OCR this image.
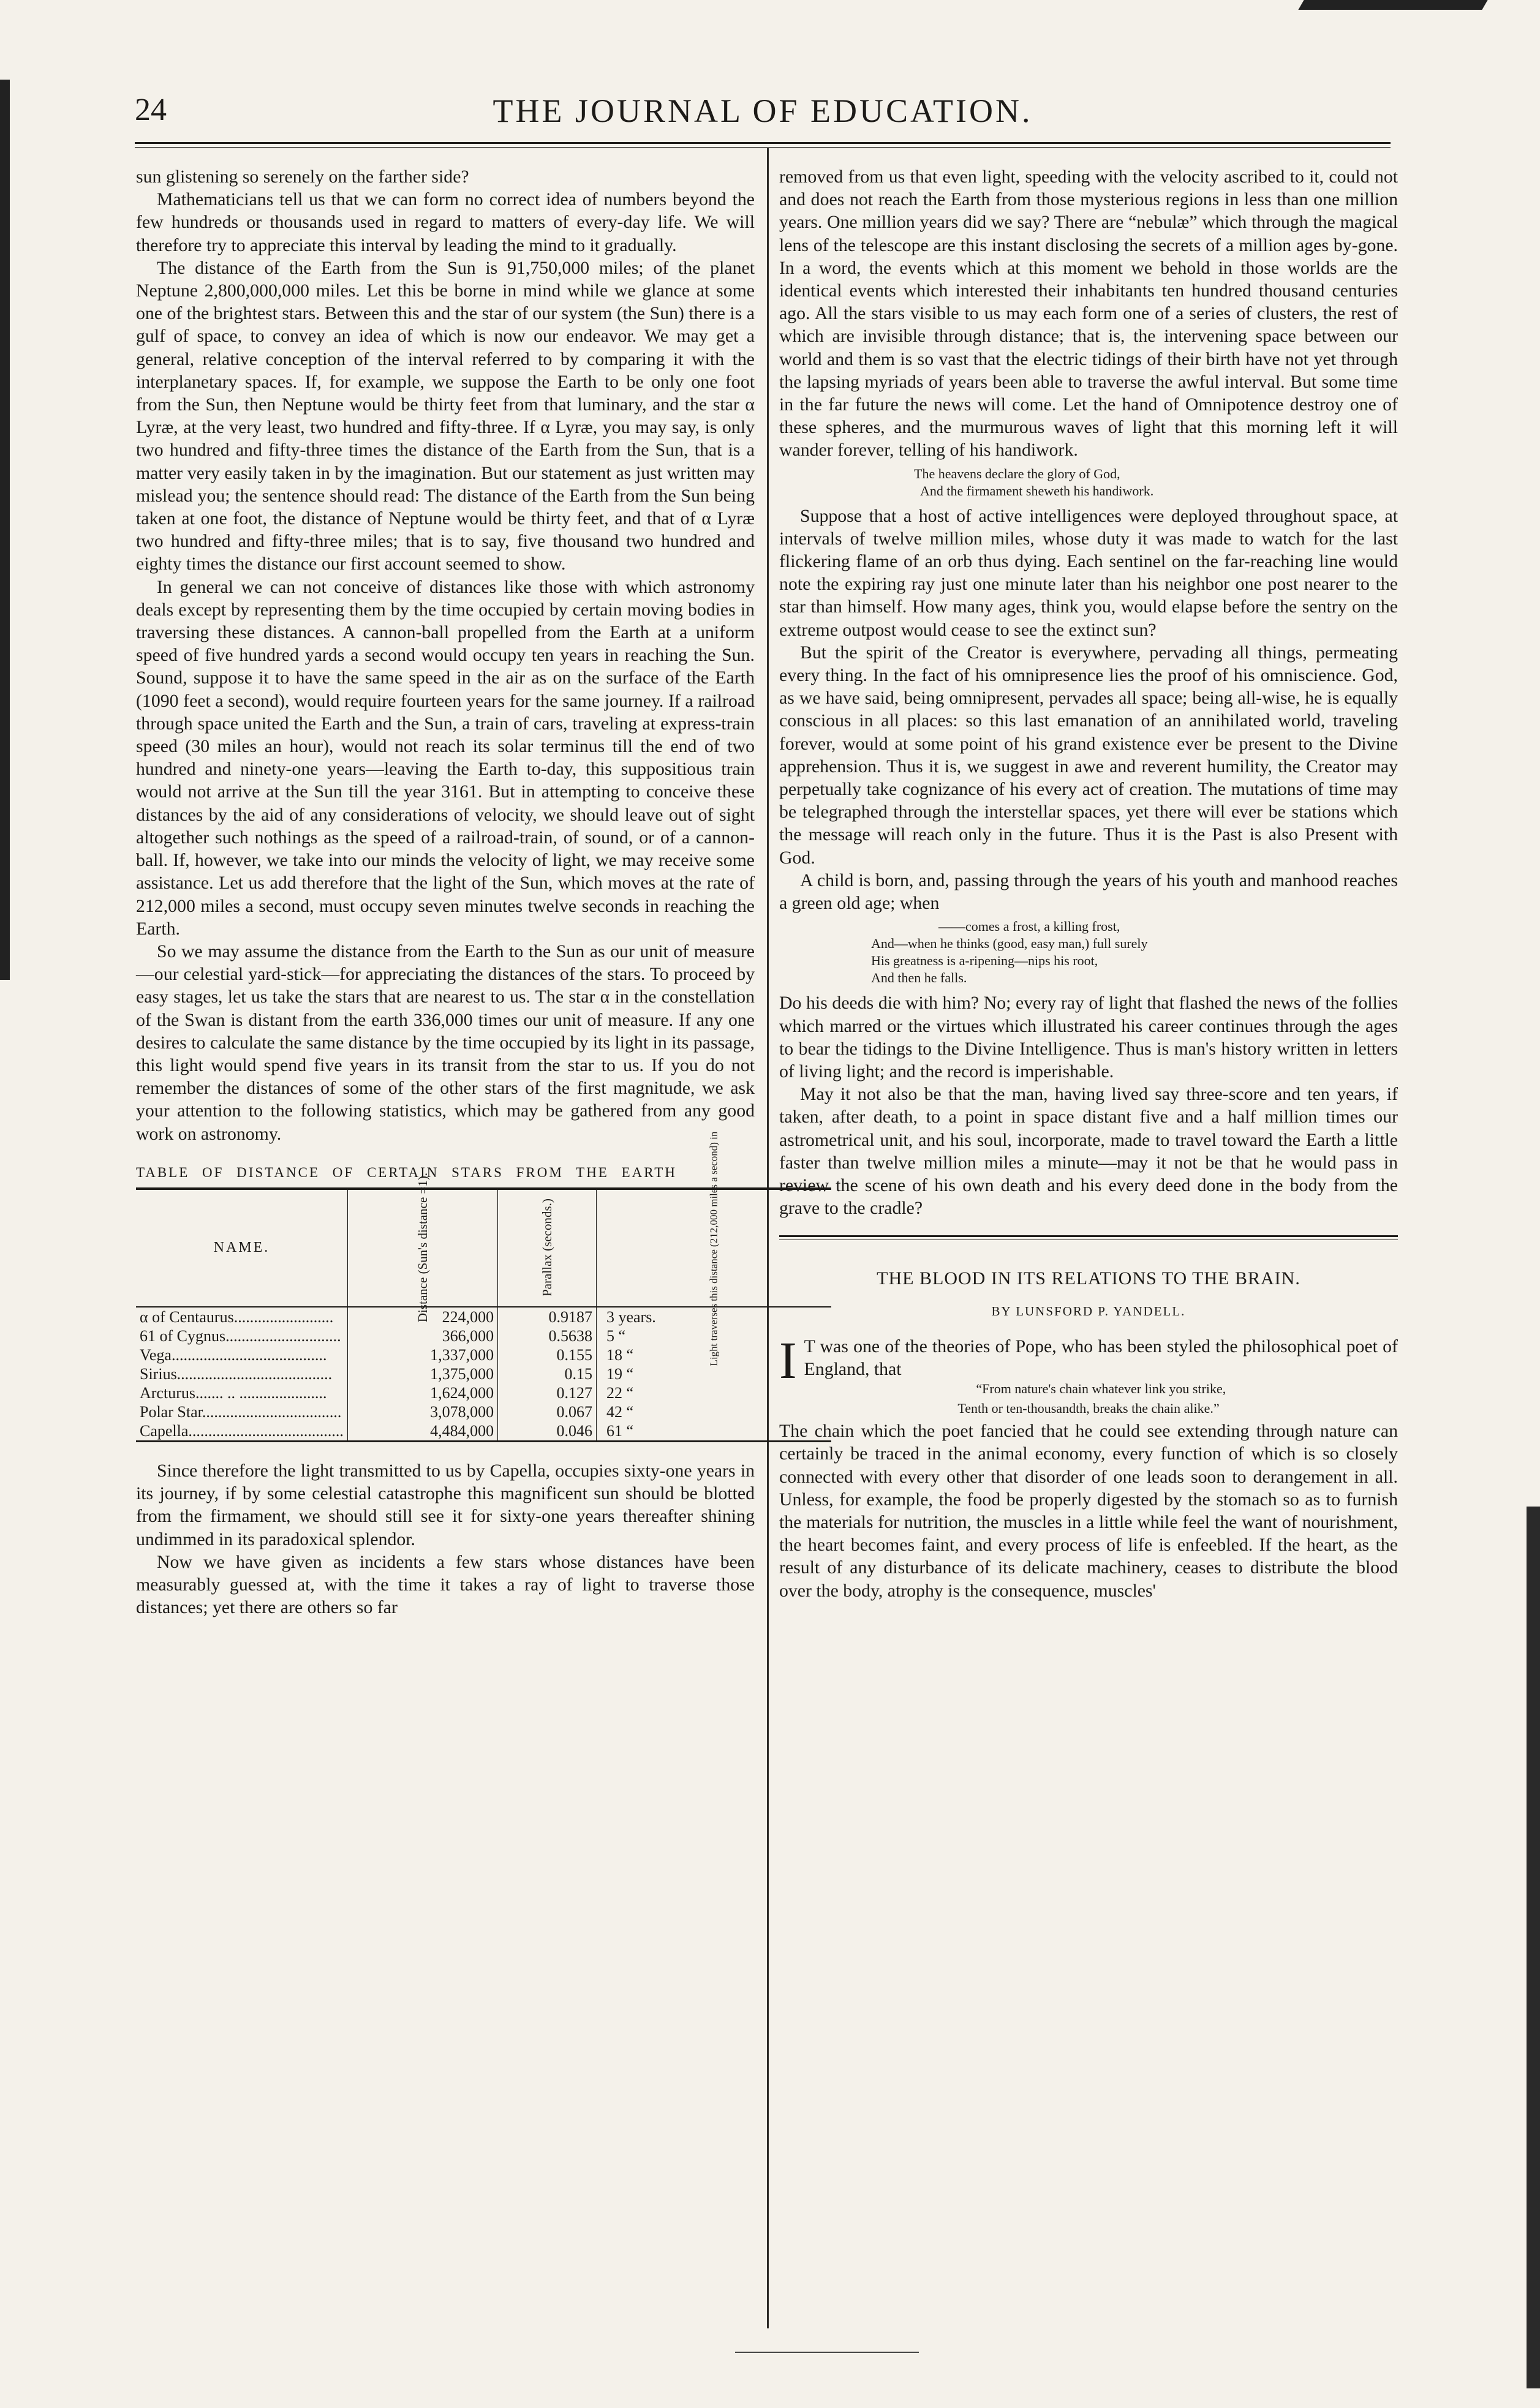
24	THE JOURNAL OF EDUCATION.

sun glistening so serenely on the farther side?

Mathematicians tell us that we can form no correct idea of numbers beyond the few hundreds or thousands used in regard to matters of every-day life. We will therefore try to appreciate this interval by leading the mind to it gradually.

The distance of the Earth from the Sun is 91,750,000 miles; of the planet Neptune 2,800,000,000 miles. Let this be borne in mind while we glance at some one of the brightest stars. Between this and the star of our system (the Sun) there is a gulf of space, to convey an idea of which is now our endeavor. We may get a general, relative conception of the interval referred to by comparing it with the interplanetary spaces. If, for example, we suppose the Earth to be only one foot from the Sun, then Neptune would be thirty feet from that luminary, and the star α Lyræ, at the very least, two hundred and fifty-three. If α Lyræ, you may say, is only two hundred and fifty-three times the distance of the Earth from the Sun, that is a matter very easily taken in by the imagination. But our statement as just written may mislead you; the sentence should read: The distance of the Earth from the Sun being taken at one foot, the distance of Neptune would be thirty feet, and that of α Lyræ two hundred and fifty-three miles; that is to say, five thousand two hundred and eighty times the distance our first account seemed to show.

In general we can not conceive of distances like those with which astronomy deals except by representing them by the time occupied by certain moving bodies in traversing these distances. A cannon-ball propelled from the Earth at a uniform speed of five hundred yards a second would occupy ten years in reaching the Sun. Sound, suppose it to have the same speed in the air as on the surface of the Earth (1090 feet a second), would require fourteen years for the same journey. If a railroad through space united the Earth and the Sun, a train of cars, traveling at express-train speed (30 miles an hour), would not reach its solar terminus till the end of two hundred and ninety-one years—leaving the Earth to-day, this suppositious train would not arrive at the Sun till the year 3161. But in attempting to conceive these distances by the aid of any considerations of velocity, we should leave out of sight altogether such nothings as the speed of a railroad-train, of sound, or of a cannon-ball. If, however, we take into our minds the velocity of light, we may receive some assistance. Let us add therefore that the light of the Sun, which moves at the rate of 212,000 miles a second, must occupy seven minutes twelve seconds in reaching the Earth.

So we may assume the distance from the Earth to the Sun as our unit of measure—our celestial yard-stick—for appreciating the distances of the stars. To proceed by easy stages, let us take the stars that are nearest to us. The star α in the constellation of the Swan is distant from the earth 336,000 times our unit of measure. If any one desires to calculate the same distance by the time occupied by its light in its passage, this light would spend five years in its transit from the star to us. If you do not remember the distances of some of the other stars of the first magnitude, we ask your attention to the following statistics, which may be gathered from any good work on astronomy.

TABLE OF DISTANCE OF CERTAIN STARS FROM THE EARTH
NAME.	Distance (Sun's distance =1).	Parallax (seconds.)	Light traverses this distance (212,000 miles a second) in
α of Centaurus.........................	224,000	0.9187	3 years.
61 of Cygnus.............................	366,000	0.5638	5 “
Vega.......................................	1,337,000	0.155	18 “
Sirius.......................................	1,375,000	0.15	19 “
Arcturus....... .. ......................	1,624,000	0.127	22 “
Polar Star...................................	3,078,000	0.067	42 “
Capella.......................................	4,484,000	0.046	61 “

Since therefore the light transmitted to us by Capella, occupies sixty-one years in its journey, if by some celestial catastrophe this magnificent sun should be blotted from the firmament, we should still see it for sixty-one years thereafter shining undimmed in its paradoxical splendor.

Now we have given as incidents a few stars whose distances have been measurably guessed at, with the time it takes a ray of light to traverse those distances; yet there are others so far

removed from us that even light, speeding with the velocity ascribed to it, could not and does not reach the Earth from those mysterious regions in less than one million years. One million years did we say? There are “nebulæ” which through the magical lens of the telescope are this instant disclosing the secrets of a million ages by-gone. In a word, the events which at this moment we behold in those worlds are the identical events which interested their inhabitants ten hundred thousand centuries ago. All the stars visible to us may each form one of a series of clusters, the rest of which are invisible through distance; that is, the intervening space between our world and them is so vast that the electric tidings of their birth have not yet through the lapsing myriads of years been able to traverse the awful interval. But some time in the far future the news will come. Let the hand of Omnipotence destroy one of these spheres, and the murmurous waves of light that this morning left it will wander forever, telling of his handiwork.

The heavens declare the glory of God,
And the firmament sheweth his handiwork.

Suppose that a host of active intelligences were deployed throughout space, at intervals of twelve million miles, whose duty it was made to watch for the last flickering flame of an orb thus dying. Each sentinel on the far-reaching line would note the expiring ray just one minute later than his neighbor one post nearer to the star than himself. How many ages, think you, would elapse before the sentry on the extreme outpost would cease to see the extinct sun?

But the spirit of the Creator is everywhere, pervading all things, permeating every thing. In the fact of his omnipresence lies the proof of his omniscience. God, as we have said, being omnipresent, pervades all space; being all-wise, he is equally conscious in all places: so this last emanation of an annihilated world, traveling forever, would at some point of his grand existence ever be present to the Divine apprehension. Thus it is, we suggest in awe and reverent humility, the Creator may perpetually take cognizance of his every act of creation. The mutations of time may be telegraphed through the interstellar spaces, yet there will ever be stations which the message will reach only in the future. Thus it is the Past is also Present with God.

A child is born, and, passing through the years of his youth and manhood reaches a green old age; when

——comes a frost, a killing frost,
And—when he thinks (good, easy man,) full surely
His greatness is a-ripening—nips his root,
And then he falls.

Do his deeds die with him? No; every ray of light that flashed the news of the follies which marred or the virtues which illustrated his career continues through the ages to bear the tidings to the Divine Intelligence. Thus is man's history written in letters of living light; and the record is imperishable.

May it not also be that the man, having lived say three-score and ten years, if taken, after death, to a point in space distant five and a half million times our astrometrical unit, and his soul, incorporate, made to travel toward the Earth a little faster than twelve million miles a minute—may it not be that he would pass in review the scene of his own death and his every deed done in the body from the grave to the cradle?

THE BLOOD IN ITS RELATIONS TO THE BRAIN.
BY LUNSFORD P. YANDELL.
I T was one of the theories of Pope, who has been styled the philosophical poet of England, that

“From nature's chain whatever link you strike,
Tenth or ten-thousandth, breaks the chain alike.”

The chain which the poet fancied that he could see extending through nature can certainly be traced in the animal economy, every function of which is so closely connected with every other that disorder of one leads soon to derangement in all. Unless, for example, the food be properly digested by the stomach so as to furnish the materials for nutrition, the muscles in a little while feel the want of nourishment, the heart becomes faint, and every process of life is enfeebled. If the heart, as the result of any disturbance of its delicate machinery, ceases to distribute the blood over the body, atrophy is the consequence, muscles'
